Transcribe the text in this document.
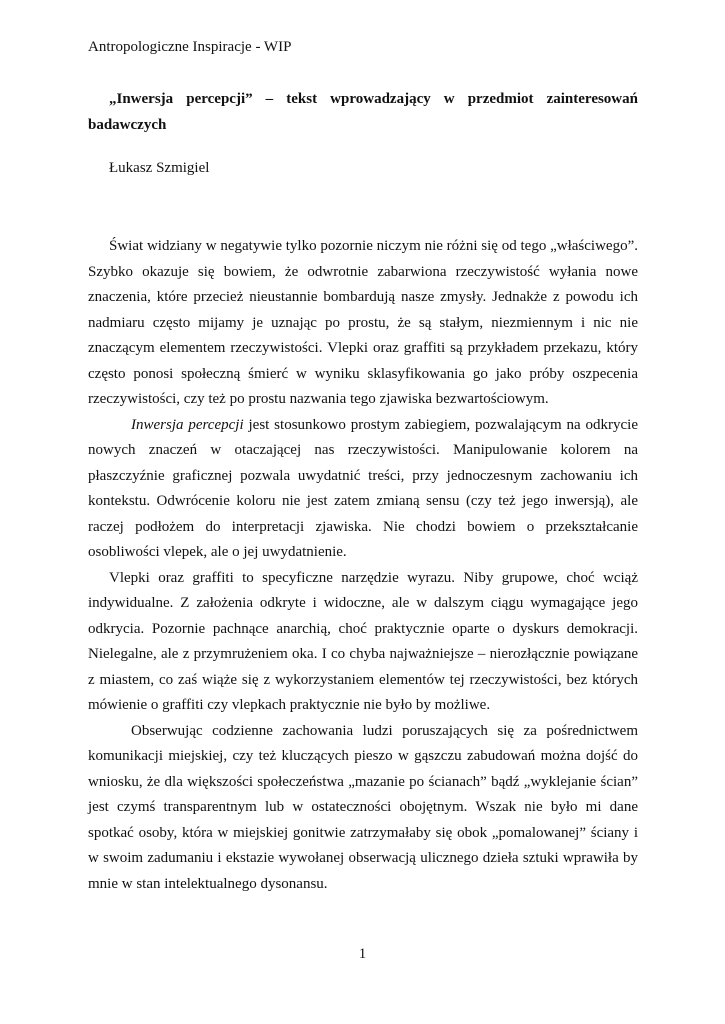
Antropologiczne Inspiracje - WIP
„Inwersja percepcji” – tekst wprowadzający w przedmiot zainteresowań badawczych
Łukasz Szmigiel

Świat widziany w negatywie tylko pozornie niczym nie różni się od tego „właściwego”. Szybko okazuje się bowiem, że odwrotnie zabarwiona rzeczywistość wyłania nowe znaczenia, które przecież nieustannie bombardują nasze zmysły. Jednakże z powodu ich nadmiaru często mijamy je uznając po prostu, że są stałym, niezmiennym i nic nie znaczącym elementem rzeczywistości. Vlepki oraz graffiti są przykładem przekazu, który często ponosi społeczną śmierć w wyniku sklasyfikowania go jako próby oszpecenia rzeczywistości, czy też po prostu nazwania tego zjawiska bezwartościowym.

Inwersja percepcji jest stosunkowo prostym zabiegiem, pozwalającym na odkrycie nowych znaczeń w otaczającej nas rzeczywistości. Manipulowanie kolorem na płaszczyźnie graficznej pozwala uwydatnić treści, przy jednoczesnym zachowaniu ich kontekstu. Odwrócenie koloru nie jest zatem zmianą sensu (czy też jego inwersją), ale raczej podłożem do interpretacji zjawiska. Nie chodzi bowiem o przekształcanie osobliwości vlepek, ale o jej uwydatnienie.

Vlepki oraz graffiti to specyficzne narzędzie wyrazu. Niby grupowe, choć wciąż indywidualne. Z założenia odkryte i widoczne, ale w dalszym ciągu wymagające jego odkrycia. Pozornie pachnące anarchią, choć praktycznie oparte o dyskurs demokracji. Nielegalne, ale z przymrużeniem oka. I co chyba najważniejsze – nierozłącznie powiązane z miastem, co zaś wiąże się z wykorzystaniem elementów tej rzeczywistości, bez których mówienie o graffiti czy vlepkach praktycznie nie było by możliwe.

Obserwując codzienne zachowania ludzi poruszających się za pośrednictwem komunikacji miejskiej, czy też kluczących pieszo w gąszczu zabudowań można dojść do wniosku, że dla większości społeczeństwa „mazanie po ścianach” bądź „wyklejanie ścian” jest czymś transparentnym lub w ostateczności obojętnym. Wszak nie było mi dane spotkać osoby, która w miejskiej gonitwie zatrzymałaby się obok „pomalowanej” ściany i w swoim zadumaniu i ekstazie wywołanej obserwacją ulicznego dzieła sztuki wprawiła by mnie w stan intelektualnego dysonansu.

1
